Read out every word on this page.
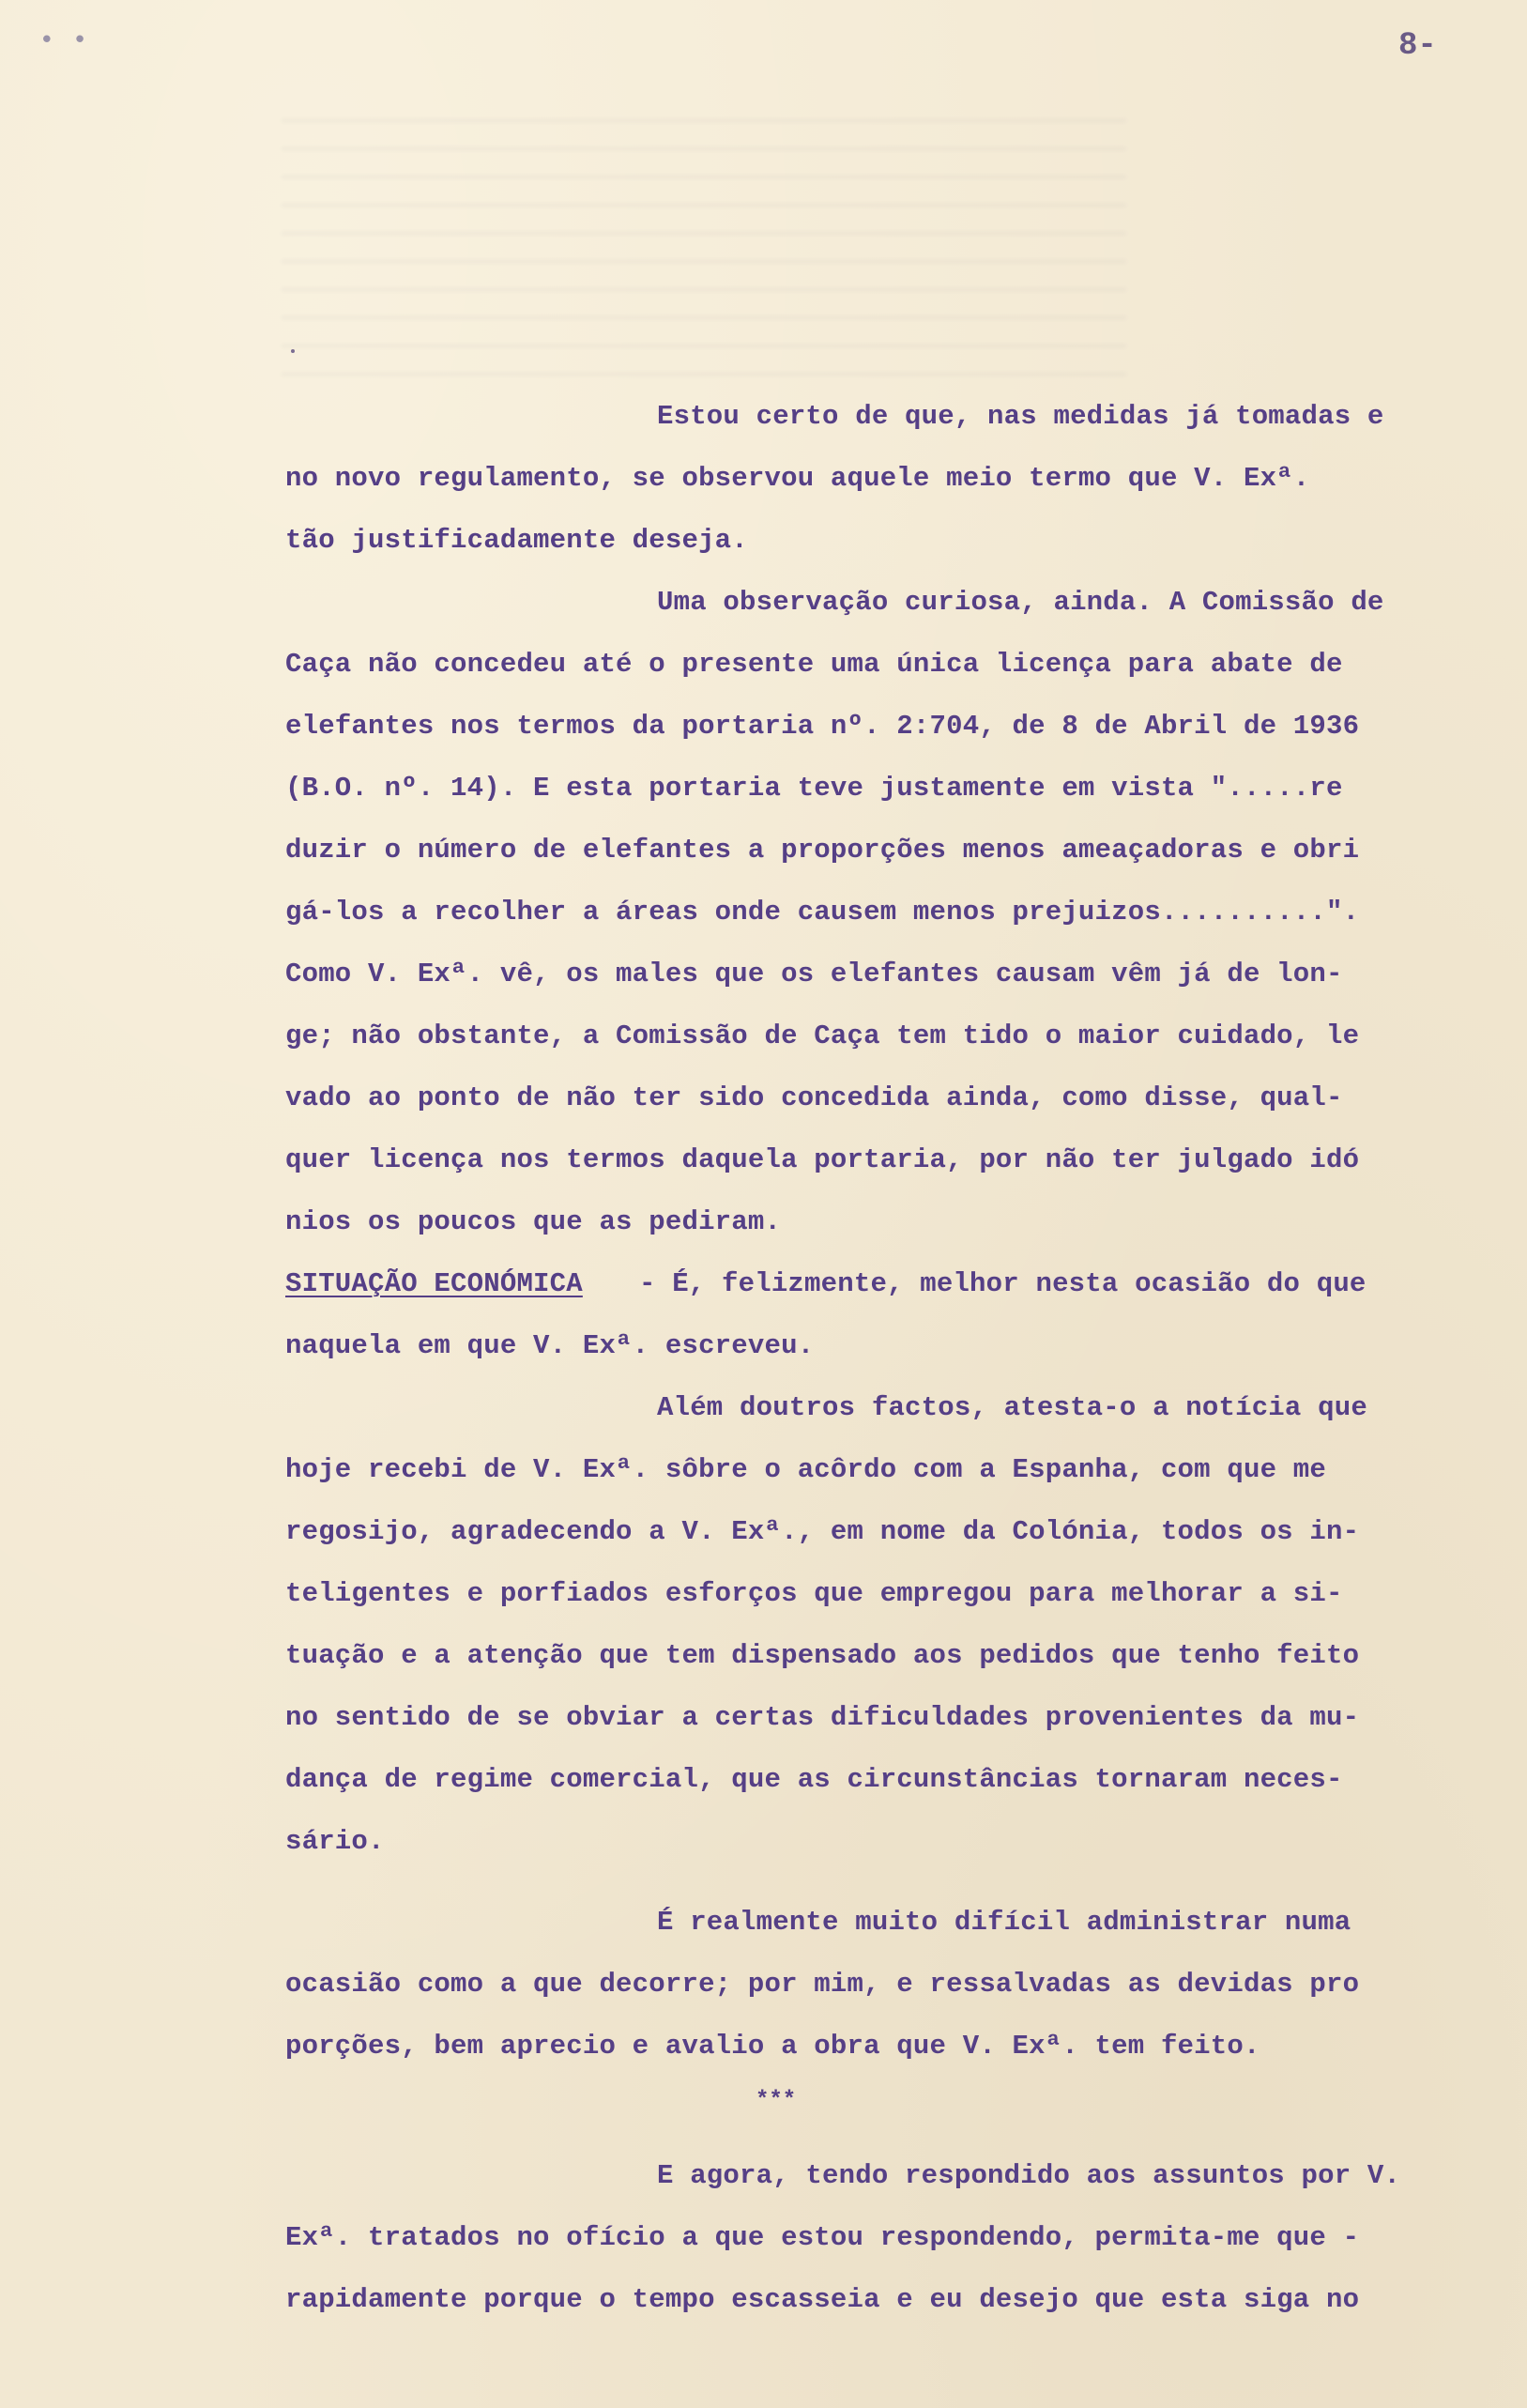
• •	8-
Estou certo de que, nas medidas já tomadas e
no novo regulamento, se observou aquele meio termo que V. Exª.
tão justificadamente deseja.
Uma observação curiosa, ainda. A Comissão de
Caça não concedeu até o presente uma única licença para abate de
elefantes nos termos da portaria nº. 2:704, de 8 de Abril de 1936
(B.O. nº. 14). E esta portaria teve justamente em vista ".....re
duzir o número de elefantes a proporções menos ameaçadoras e obri
gá-los a recolher a áreas onde causem menos prejuizos..........".
Como V. Exª. vê, os males que os elefantes causam vêm já de lon-
ge; não obstante, a Comissão de Caça tem tido o maior cuidado, le
vado ao ponto de não ter sido concedida ainda, como disse, qual-
quer licença nos termos daquela portaria, por não ter julgado idó
nios os poucos que as pediram.
SITUAÇÃO ECONÓMICA - É, felizmente, melhor nesta ocasião do que
naquela em que V. Exª. escreveu.
Além doutros factos, atesta-o a notícia que
hoje recebi de V. Exª. sôbre o acôrdo com a Espanha, com que me
regosijo, agradecendo a V. Exª., em nome da Colónia, todos os in-
teligentes e porfiados esforços que empregou para melhorar a si-
tuação e a atenção que tem dispensado aos pedidos que tenho feito
no sentido de se obviar a certas dificuldades provenientes da mu-
dança de regime comercial, que as circunstâncias tornaram neces-
sário.
É realmente muito difícil administrar numa
ocasião como a que decorre; por mim, e ressalvadas as devidas pro
porções, bem aprecio e avalio a obra que V. Exª. tem feito.
***
E agora, tendo respondido aos assuntos por V.
Exª. tratados no ofício a que estou respondendo, permita-me que -
rapidamente porque o tempo escasseia e eu desejo que esta siga no
